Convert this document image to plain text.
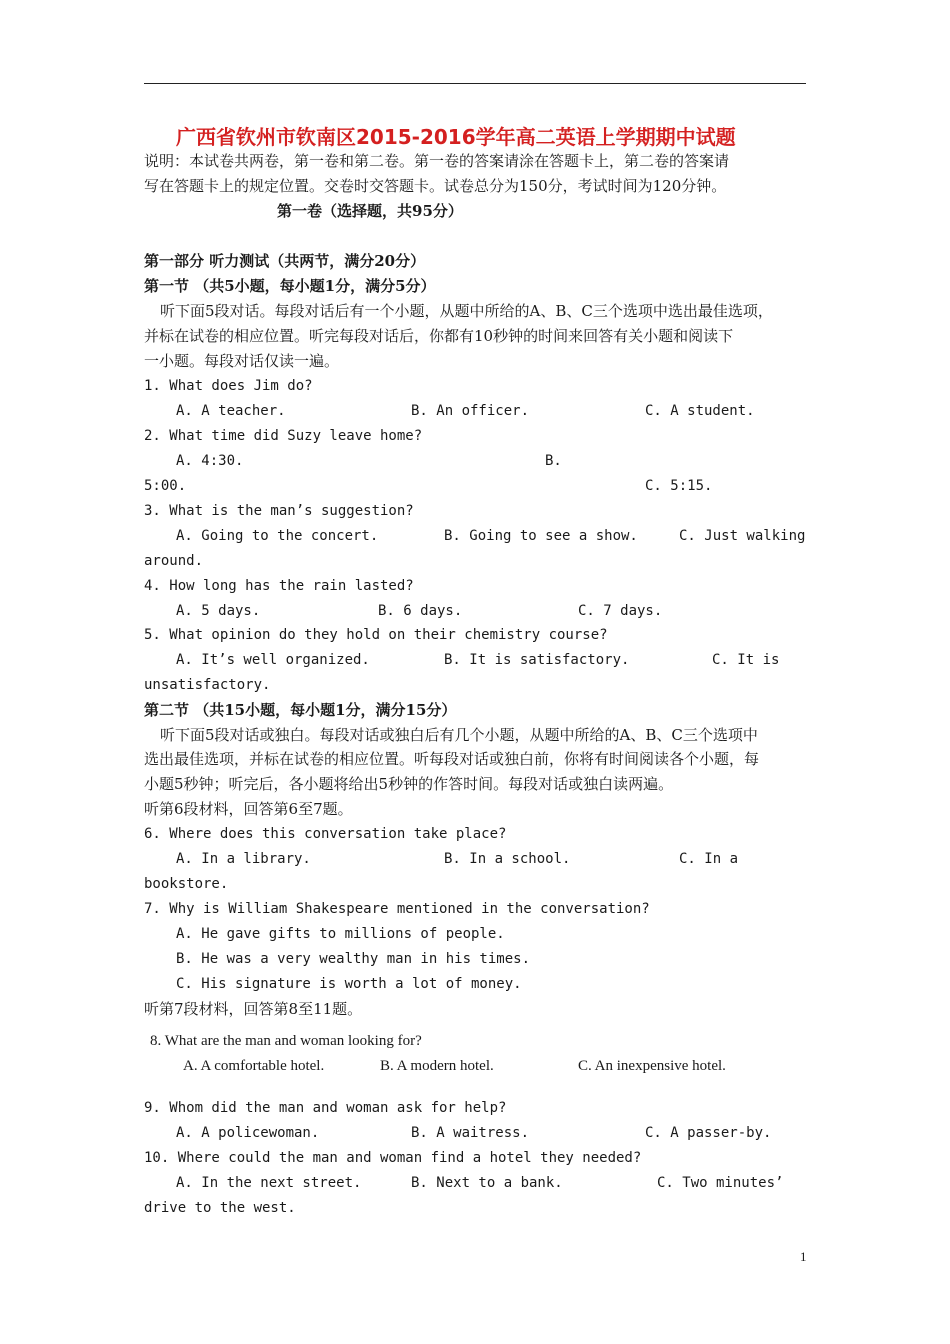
广西省钦州市钦南区2015-2016学年高二英语上学期期中试题
说明：本试卷共两卷，第一卷和第二卷。第一卷的答案请涂在答题卡上，第二卷的答案请
写在答题卡上的规定位置。交卷时交答题卡。试卷总分为150分，考试时间为120分钟。
第一卷（选择题，共95分）
第一部分 听力测试（共两节，满分20分）
第一节 （共5小题，每小题1分，满分5分）
听下面5段对话。每段对话后有一个小题，从题中所给的A、B、C三个选项中选出最佳选项，
并标在试卷的相应位置。听完每段对话后，你都有10秒钟的时间来回答有关小题和阅读下
一小题。每段对话仅读一遍。
1. What does Jim do?
A. A teacher.	B. An officer.	C. A student.
2. What time did Suzy leave home?
A. 4:30.	B.
5:00.	C. 5:15.
3. What is the man’s suggestion?
A. Going to the concert.	B. Going to see a show.	C. Just walking
around.
4. How long has the rain lasted?
A. 5 days.	B. 6 days.	C. 7 days.
5. What opinion do they hold on their chemistry course?
A. It’s well organized.	B. It is satisfactory.	C. It is
unsatisfactory.
第二节 （共15小题，每小题1分，满分15分）
听下面5段对话或独白。每段对话或独白后有几个小题，从题中所给的A、B、C三个选项中
选出最佳选项，并标在试卷的相应位置。听每段对话或独白前，你将有时间阅读各个小题，每
小题5秒钟；听完后，各小题将给出5秒钟的作答时间。每段对话或独白读两遍。
听第6段材料，回答第6至7题。
6. Where does this conversation take place?
A. In a library.	B. In a school.	C. In a
bookstore.
7. Why is William Shakespeare mentioned in the conversation?
A. He gave gifts to millions of people.
B. He was a very wealthy man in his times.
C. His signature is worth a lot of money.
听第7段材料，回答第8至11题。
8. What are the man and woman looking for?
A. A comfortable hotel.	B. A modern hotel.	C. An inexpensive hotel.
9. Whom did the man and woman ask for help?
A. A policewoman.	B. A waitress.	C. A passer-by.
10. Where could the man and woman find a hotel they needed?
A. In the next street.	B. Next to a bank.	C. Two minutes’
drive to the west.
1
